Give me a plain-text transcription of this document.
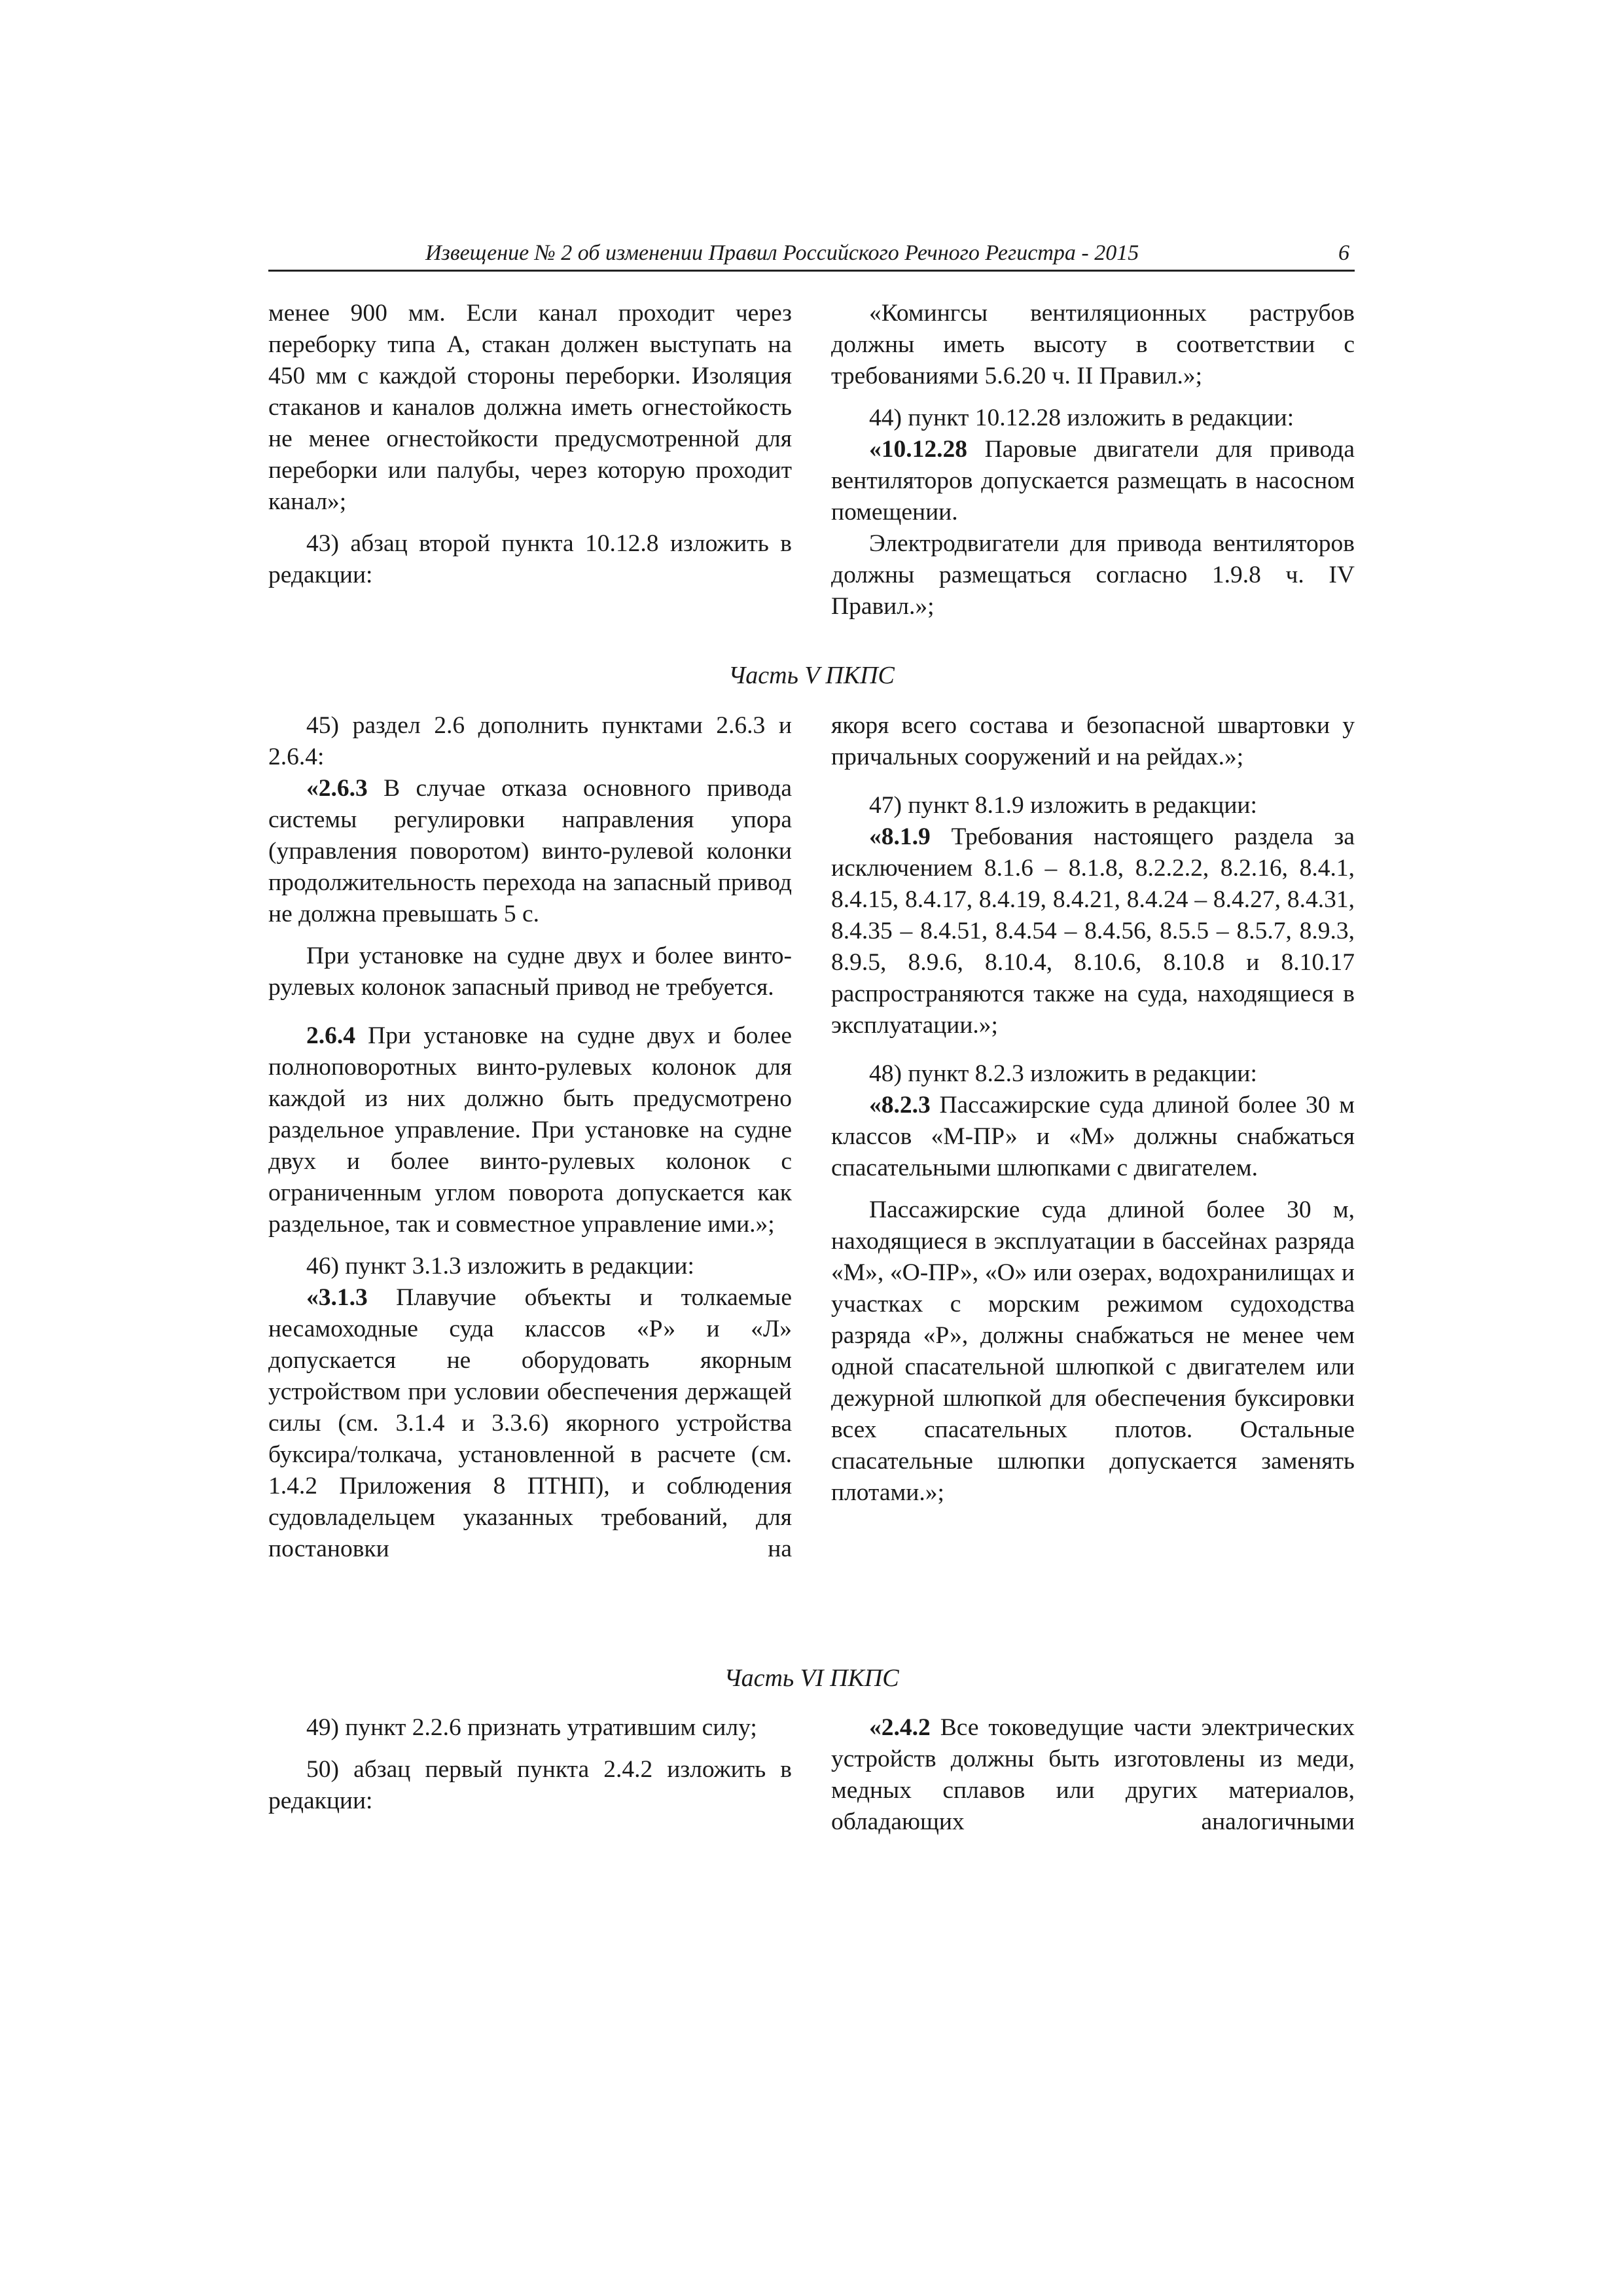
Извещение № 2 об изменении Правил Российского Речного Регистра - 2015	6

менее 900 мм. Если канал проходит через переборку типа А, стакан должен выступать на 450 мм с каждой стороны переборки. Изоляция стаканов и каналов должна иметь огнестойкость не менее огнестойкости предусмотренной для переборки или палубы, через которую проходит канал»;

43) абзац второй пункта 10.12.8 изложить в редакции:

«Комингсы вентиляционных раструбов должны иметь высоту в соответствии с требованиями 5.6.20 ч. II Правил.»;

44) пункт 10.12.28 изложить в редакции:

«10.12.28 Паровые двигатели для привода вентиляторов допускается размещать в насосном помещении.

Электродвигатели для привода вентиляторов должны размещаться согласно 1.9.8 ч. IV Правил.»;

Часть V ПКПС

45) раздел 2.6 дополнить пунктами 2.6.3 и 2.6.4:

«2.6.3 В случае отказа основного привода системы регулировки направления упора (управления поворотом) винто-рулевой колонки продолжительность перехода на запасный привод не должна превышать 5 с.

При установке на судне двух и более винто-рулевых колонок запасный привод не требуется.

2.6.4 При установке на судне двух и более полноповоротных винто-рулевых колонок для каждой из них должно быть предусмотрено раздельное управление. При установке на судне двух и более винто-рулевых колонок с ограниченным углом поворота допускается как раздельное, так и совместное управление ими.»;

46) пункт 3.1.3 изложить в редакции:

«3.1.3 Плавучие объекты и толкаемые несамоходные суда классов «Р» и «Л» допускается не оборудовать якорным устройством при условии обеспечения держащей силы (см. 3.1.4 и 3.3.6) якорного устройства буксира/толкача, установленной в расчете (см. 1.4.2 Приложения 8 ПТНП), и соблюдения судовладельцем указанных требований, для постановки на

якоря всего состава и безопасной швартовки у причальных сооружений и на рейдах.»;

47) пункт 8.1.9 изложить в редакции:

«8.1.9 Требования настоящего раздела за исключением 8.1.6 – 8.1.8, 8.2.2.2, 8.2.16, 8.4.1, 8.4.15, 8.4.17, 8.4.19, 8.4.21, 8.4.24 – 8.4.27, 8.4.31, 8.4.35 – 8.4.51, 8.4.54 – 8.4.56, 8.5.5 – 8.5.7, 8.9.3, 8.9.5, 8.9.6, 8.10.4, 8.10.6, 8.10.8 и 8.10.17 распространяются также на суда, находящиеся в эксплуатации.»;

48) пункт 8.2.3 изложить в редакции:

«8.2.3 Пассажирские суда длиной более 30 м классов «М-ПР» и «М» должны снабжаться спасательными шлюпками с двигателем.

Пассажирские суда длиной более 30 м, находящиеся в эксплуатации в бассейнах разряда «М», «О-ПР», «О» или озерах, водохранилищах и участках с морским режимом судоходства разряда «Р», должны снабжаться не менее чем одной спасательной шлюпкой с двигателем или дежурной шлюпкой для обеспечения буксировки всех спасательных плотов. Остальные спасательные шлюпки допускается заменять плотами.»;

Часть VI ПКПС

49) пункт 2.2.6 признать утратившим силу;

50) абзац первый пункта 2.4.2 изложить в редакции:

«2.4.2 Все токоведущие части электрических устройств должны быть изготовлены из меди, медных сплавов или других материалов, обладающих аналогичными
